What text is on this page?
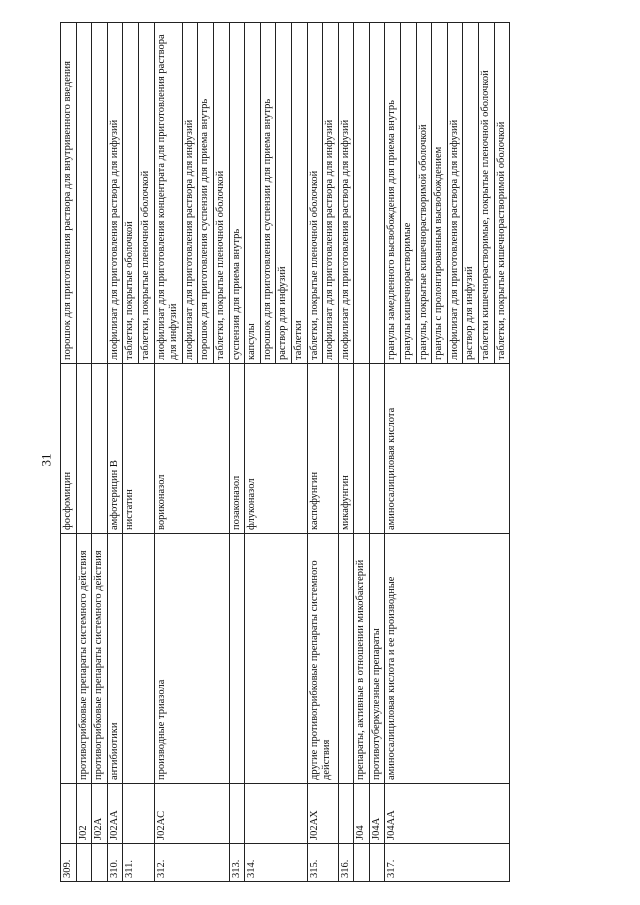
31
309.			фосфомицин	порошок для приготовления раствора для внутривенного введения
	J02	противогрибковые препараты системного действия		
	J02A	противогрибковые препараты системного действия		
310.	J02AA	антибиотики	амфотерицин В	лиофилизат для приготовления раствора для инфузий
311.			нистатин	таблетки, покрытые оболочкой
				таблетки, покрытые пленочной оболочкой
312.	J02AC	производные триазола	вориконазол	лиофилизат для приготовления концентрата для приготовления раствора для инфузий
				лиофилизат для приготовления раствора для инфузий
				порошок для приготовления суспензии для приема внутрь
				таблетки, покрытые пленочной оболочкой
313.			позаконазол	суспензия для приема внутрь
314.			флуконазол	капсулы
				порошок для приготовления суспензии для приема внутрь
				раствор для инфузий
				таблетки
315.	J02AX	другие противогрибковые препараты системного действия	каспофунгин	таблетки, покрытые пленочной оболочкой
				лиофилизат для приготовления раствора для инфузий
316.			микафунгин	лиофилизат для приготовления раствора для инфузий
	J04	препараты, активные в отношении микобактерий		
	J04A	противотуберкулезные препараты		
317.	J04AA	аминосалициловая кислота и ее производные	аминосалициловая кислота	гранулы замедленного высвобождения для приема внутрь
				гранулы кишечнорастворимые
				гранулы, покрытые кишечнорастворимой оболочкой
				гранулы с пролонгированным высвобождением
				лиофилизат для приготовления раствора для инфузий
				раствор для инфузий
				таблетки кишечнорастворимые, покрытые пленочной оболочкой
				таблетки, покрытые кишечнорастворимой оболочкой
